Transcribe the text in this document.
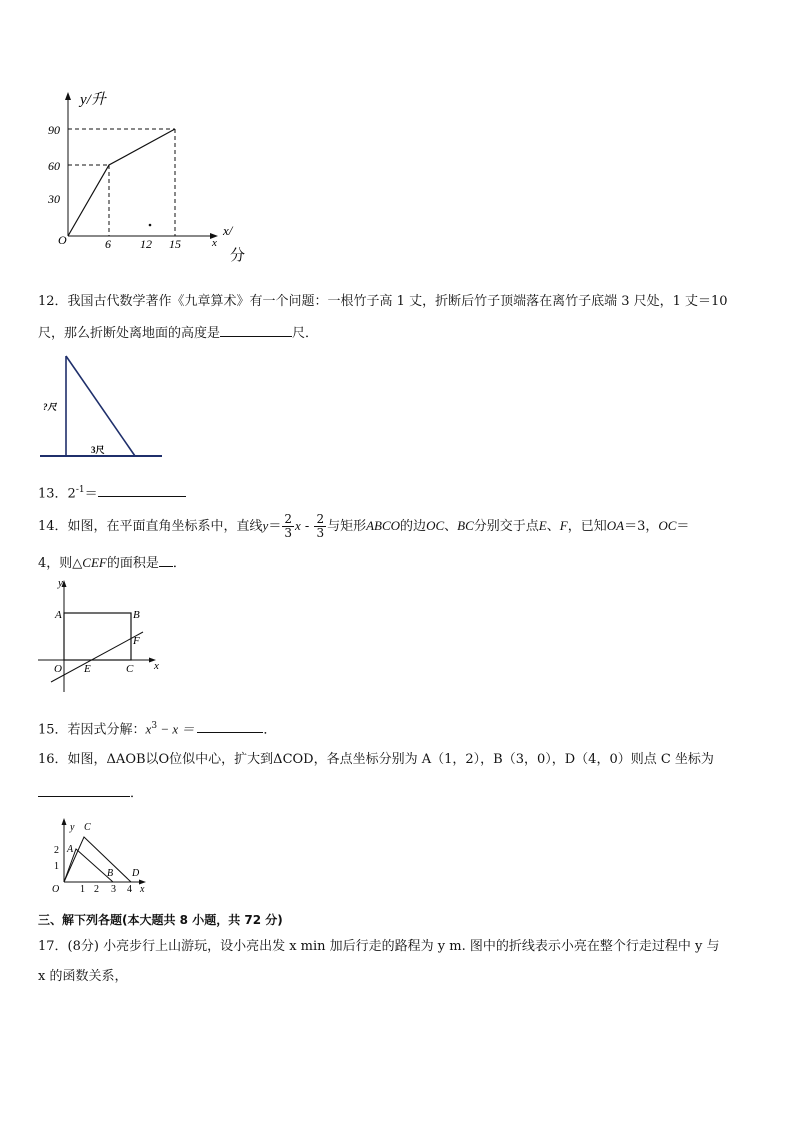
y/升
90
60
30
O	6 12 15	x
x/
分
12．我国古代数学著作《九章算术》有一个问题：一根竹子高 1 丈，折断后竹子顶端落在离竹子底端 3 尺处，1 丈＝10
尺，那么折断处离地面的高度是	尺．
?尺
3尺
13．$2^{-1}=$
14．如图，在平面直角坐标系中，直线$y= \frac{2}{3}$ x - $\frac{2}{3}$ 与矩形ABCO的边OC、BC分别交于点E、F，已知OA＝3，OC＝
4，则△CEF的面积是 ．
y
x
A	B
F
O E	C
15．若因式分解：$x^3 - x$ ＝	．
16．如图，ΔAOB以O位似中心，扩大到ΔCOD，各点坐标分别为 A（1，2），B（3，0），D（4，0）则点 C 坐标为
．
y C
A
B D
2
1
O 1 2 3 4 x
三、解下列各题(本大题共 8 小题，共 72 分)
17．(8分) 小亮步行上山游玩，设小亮出发 x min 加后行走的路程为 y m. 图中的折线表示小亮在整个行走过程中 y 与
x 的函数关系，
